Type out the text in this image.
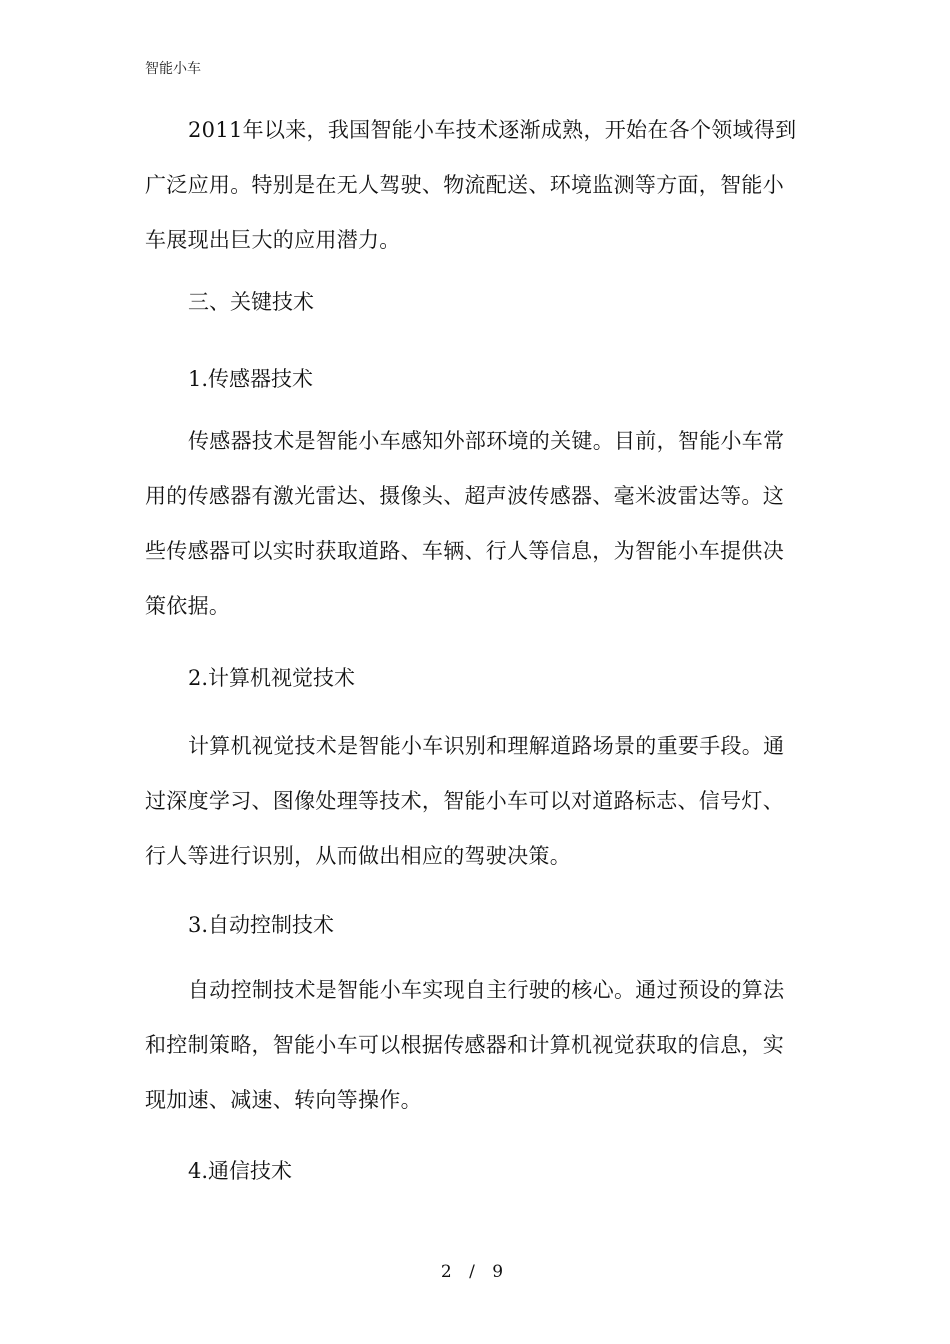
智能小车

2011年以来，我国智能小车技术逐渐成熟，开始在各个领域得到广泛应用。特别是在无人驾驶、物流配送、环境监测等方面，智能小车展现出巨大的应用潜力。

三、关键技术
1.传感器技术

传感器技术是智能小车感知外部环境的关键。目前，智能小车常用的传感器有激光雷达、摄像头、超声波传感器、毫米波雷达等。这些传感器可以实时获取道路、车辆、行人等信息，为智能小车提供决策依据。

2.计算机视觉技术

计算机视觉技术是智能小车识别和理解道路场景的重要手段。通过深度学习、图像处理等技术，智能小车可以对道路标志、信号灯、行人等进行识别，从而做出相应的驾驶决策。

3.自动控制技术

自动控制技术是智能小车实现自主行驶的核心。通过预设的算法和控制策略，智能小车可以根据传感器和计算机视觉获取的信息，实现加速、减速、转向等操作。

4.通信技术
2 / 9
